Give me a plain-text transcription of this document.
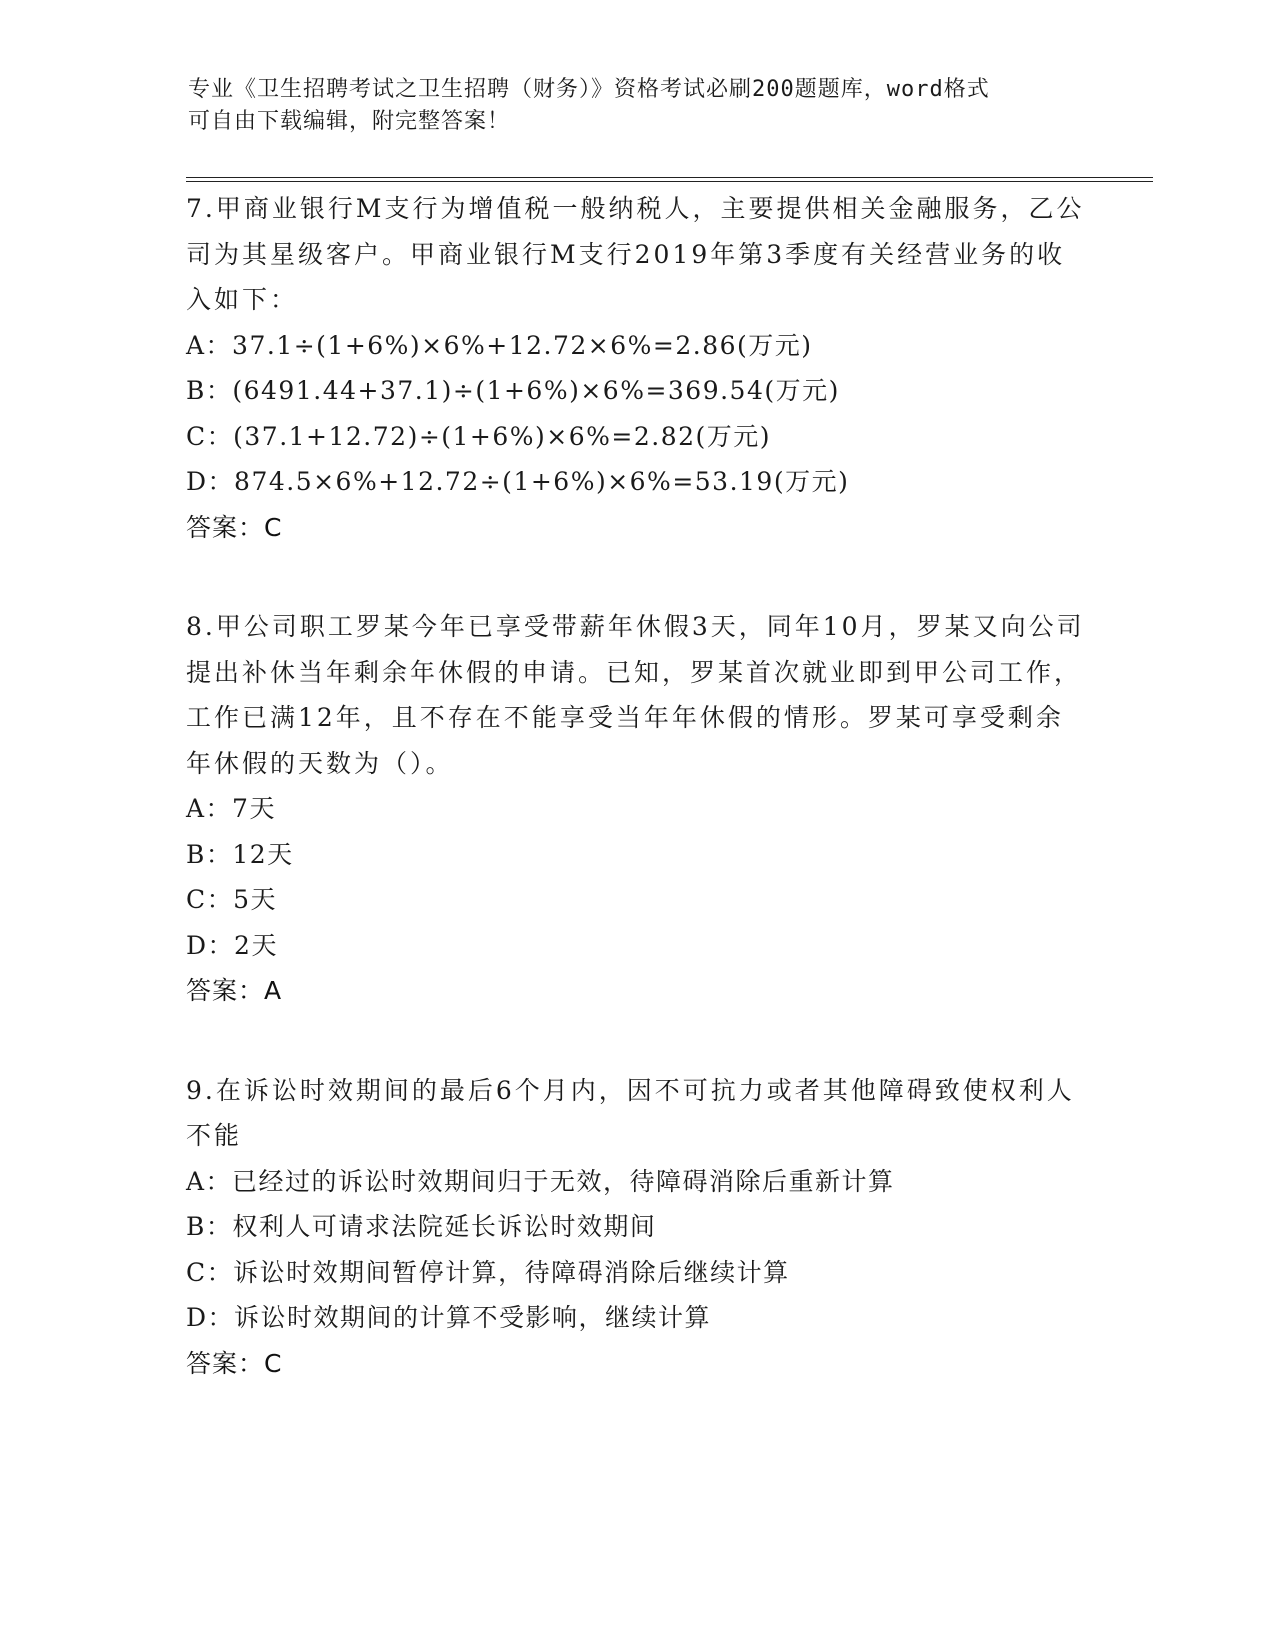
专业《卫生招聘考试之卫生招聘（财务）》资格考试必刷200题题库，word格式
可自由下载编辑，附完整答案！
7.甲商业银行M支行为增值税一般纳税人，主要提供相关金融服务，乙公司为其星级客户。甲商业银行M支行2019年第3季度有关经营业务的收入如下：
A：37.1÷(1+6%)×6%+12.72×6%=2.86(万元)
B：(6491.44+37.1)÷(1+6%)×6%=369.54(万元)
C：(37.1+12.72)÷(1+6%)×6%=2.82(万元)
D：874.5×6%+12.72÷(1+6%)×6%=53.19(万元)
答案：C
8.甲公司职工罗某今年已享受带薪年休假3天，同年10月，罗某又向公司提出补休当年剩余年休假的申请。已知，罗某首次就业即到甲公司工作，工作已满12年，且不存在不能享受当年年休假的情形。罗某可享受剩余年休假的天数为（）。
A：7天
B：12天
C：5天
D：2天
答案：A
9.在诉讼时效期间的最后6个月内，因不可抗力或者其他障碍致使权利人不能
A：已经过的诉讼时效期间归于无效，待障碍消除后重新计算
B：权利人可请求法院延长诉讼时效期间
C：诉讼时效期间暂停计算，待障碍消除后继续计算
D：诉讼时效期间的计算不受影响，继续计算
答案：C
